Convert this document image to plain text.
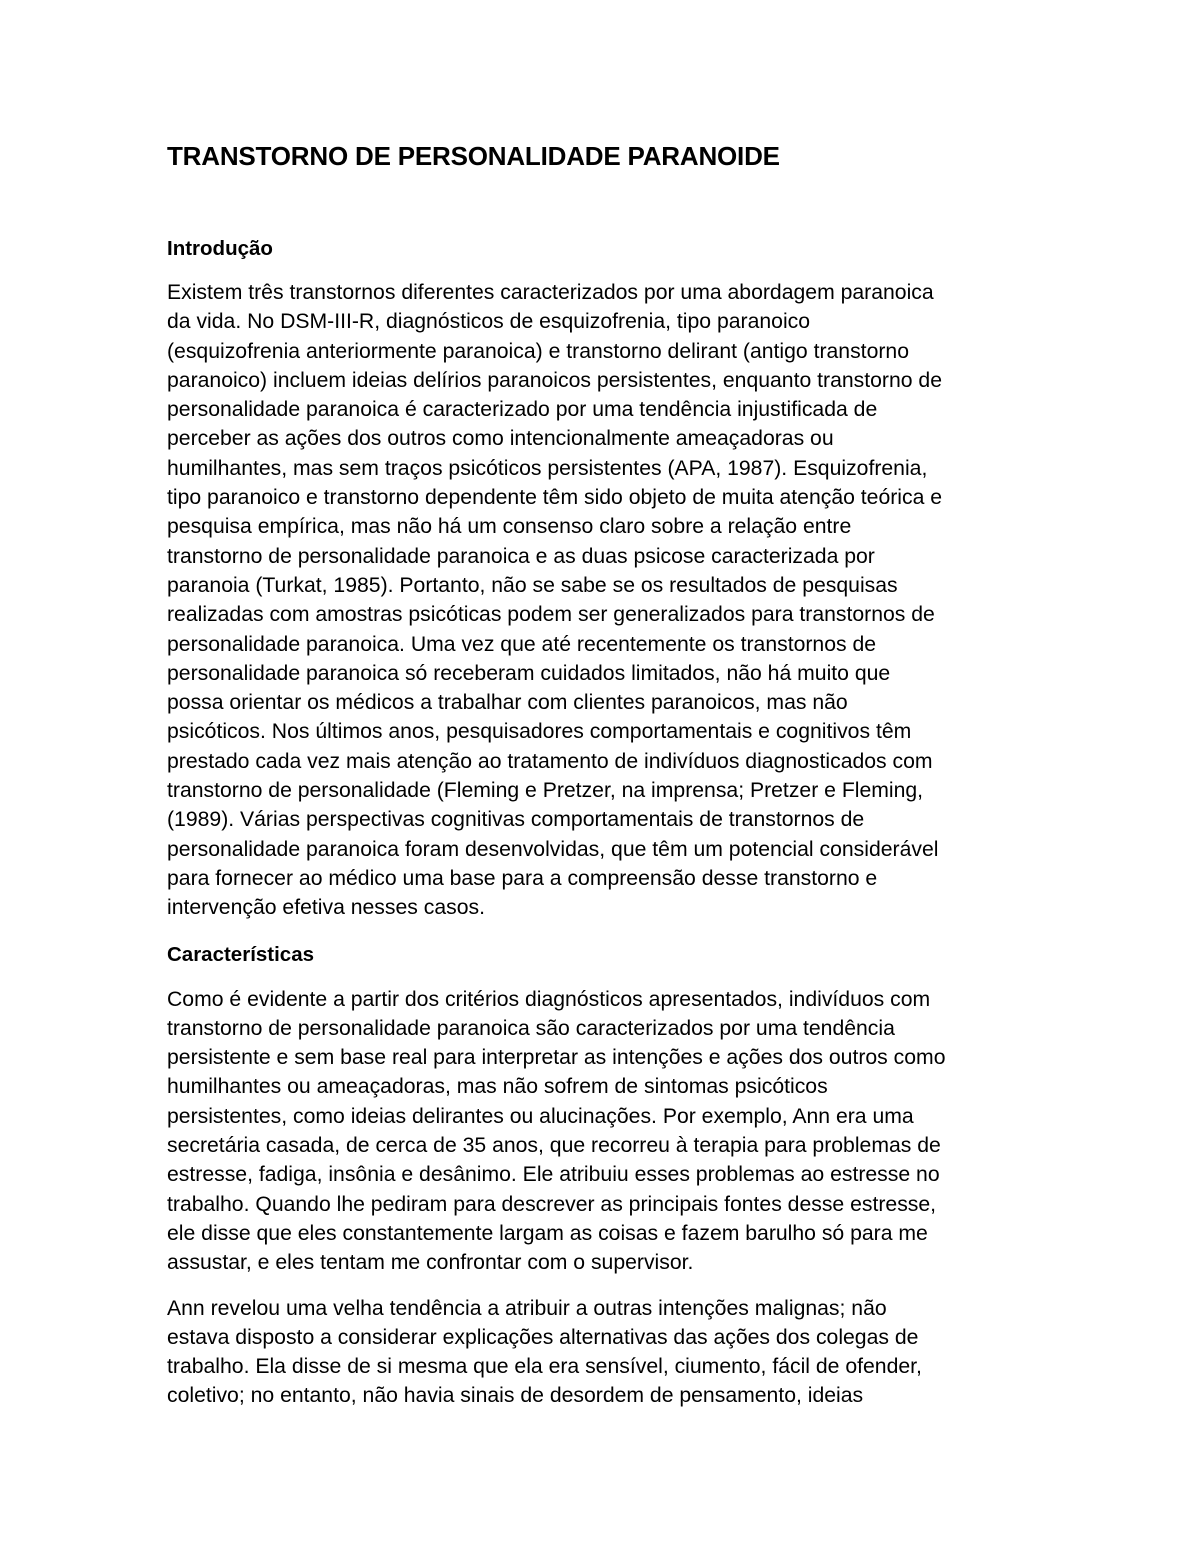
TRANSTORNO DE PERSONALIDADE PARANOIDE
Introdução

Existem três transtornos diferentes caracterizados por uma abordagem paranoica
da vida. No DSM-III-R, diagnósticos de esquizofrenia, tipo paranoico
(esquizofrenia anteriormente paranoica) e transtorno delirant (antigo transtorno
paranoico) incluem ideias delírios paranoicos persistentes, enquanto transtorno de
personalidade paranoica é caracterizado por uma tendência injustificada de
perceber as ações dos outros como intencionalmente ameaçadoras ou
humilhantes, mas sem traços psicóticos persistentes (APA, 1987). Esquizofrenia,
tipo paranoico e transtorno dependente têm sido objeto de muita atenção teórica e
pesquisa empírica, mas não há um consenso claro sobre a relação entre
transtorno de personalidade paranoica e as duas psicose caracterizada por
paranoia (Turkat, 1985). Portanto, não se sabe se os resultados de pesquisas
realizadas com amostras psicóticas podem ser generalizados para transtornos de
personalidade paranoica. Uma vez que até recentemente os transtornos de
personalidade paranoica só receberam cuidados limitados, não há muito que
possa orientar os médicos a trabalhar com clientes paranoicos, mas não
psicóticos. Nos últimos anos, pesquisadores comportamentais e cognitivos têm
prestado cada vez mais atenção ao tratamento de indivíduos diagnosticados com
transtorno de personalidade (Fleming e Pretzer, na imprensa; Pretzer e Fleming,
(1989). Várias perspectivas cognitivas comportamentais de transtornos de
personalidade paranoica foram desenvolvidas, que têm um potencial considerável
para fornecer ao médico uma base para a compreensão desse transtorno e
intervenção efetiva nesses casos.

Características

Como é evidente a partir dos critérios diagnósticos apresentados, indivíduos com
transtorno de personalidade paranoica são caracterizados por uma tendência
persistente e sem base real para interpretar as intenções e ações dos outros como
humilhantes ou ameaçadoras, mas não sofrem de sintomas psicóticos
persistentes, como ideias delirantes ou alucinações. Por exemplo, Ann era uma
secretária casada, de cerca de 35 anos, que recorreu à terapia para problemas de
estresse, fadiga, insônia e desânimo. Ele atribuiu esses problemas ao estresse no
trabalho. Quando lhe pediram para descrever as principais fontes desse estresse,
ele disse que eles constantemente largam as coisas e fazem barulho só para me
assustar, e eles tentam me confrontar com o supervisor.

Ann revelou uma velha tendência a atribuir a outras intenções malignas; não
estava disposto a considerar explicações alternativas das ações dos colegas de
trabalho. Ela disse de si mesma que ela era sensível, ciumento, fácil de ofender,
coletivo; no entanto, não havia sinais de desordem de pensamento, ideias
